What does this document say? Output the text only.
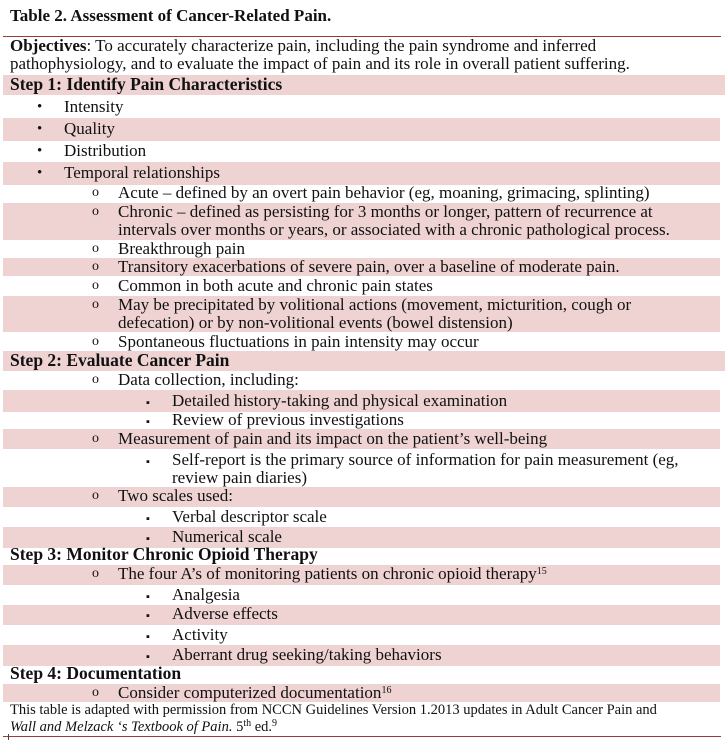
Table 2. Assessment of Cancer-Related Pain.
Objectives: To accurately characterize pain, including the pain syndrome and inferred pathophysiology, and to evaluate the impact of pain and its role in overall patient suffering.
Step 1: Identify Pain Characteristics
• Intensity
• Quality
• Distribution
• Temporal relationships
o Acute – defined by an overt pain behavior (eg, moaning, grimacing, splinting)
o Chronic – defined as persisting for 3 months or longer, pattern of recurrence at intervals over months or years, or associated with a chronic pathological process.
o Breakthrough pain
o Transitory exacerbations of severe pain, over a baseline of moderate pain.
o Common in both acute and chronic pain states
o May be precipitated by volitional actions (movement, micturition, cough or defecation) or by non-volitional events (bowel distension)
o Spontaneous fluctuations in pain intensity may occur
Step 2: Evaluate Cancer Pain
o Data collection, including:
▪ Detailed history-taking and physical examination
▪ Review of previous investigations
o Measurement of pain and its impact on the patient’s well-being
▪ Self-report is the primary source of information for pain measurement (eg, review pain diaries)
o Two scales used:
▪ Verbal descriptor scale
▪ Numerical scale
Step 3: Monitor Chronic Opioid Therapy
o The four A’s of monitoring patients on chronic opioid therapy$^{15}$
▪ Analgesia
▪ Adverse effects
▪ Activity
▪ Aberrant drug seeking/taking behaviors
Step 4: Documentation
o Consider computerized documentation$^{16}$
This table is adapted with permission from NCCN Guidelines Version 1.2013 updates in Adult Cancer Pain and
Wall and Melzack ‘s Textbook of Pain. 5th ed.$^9$
